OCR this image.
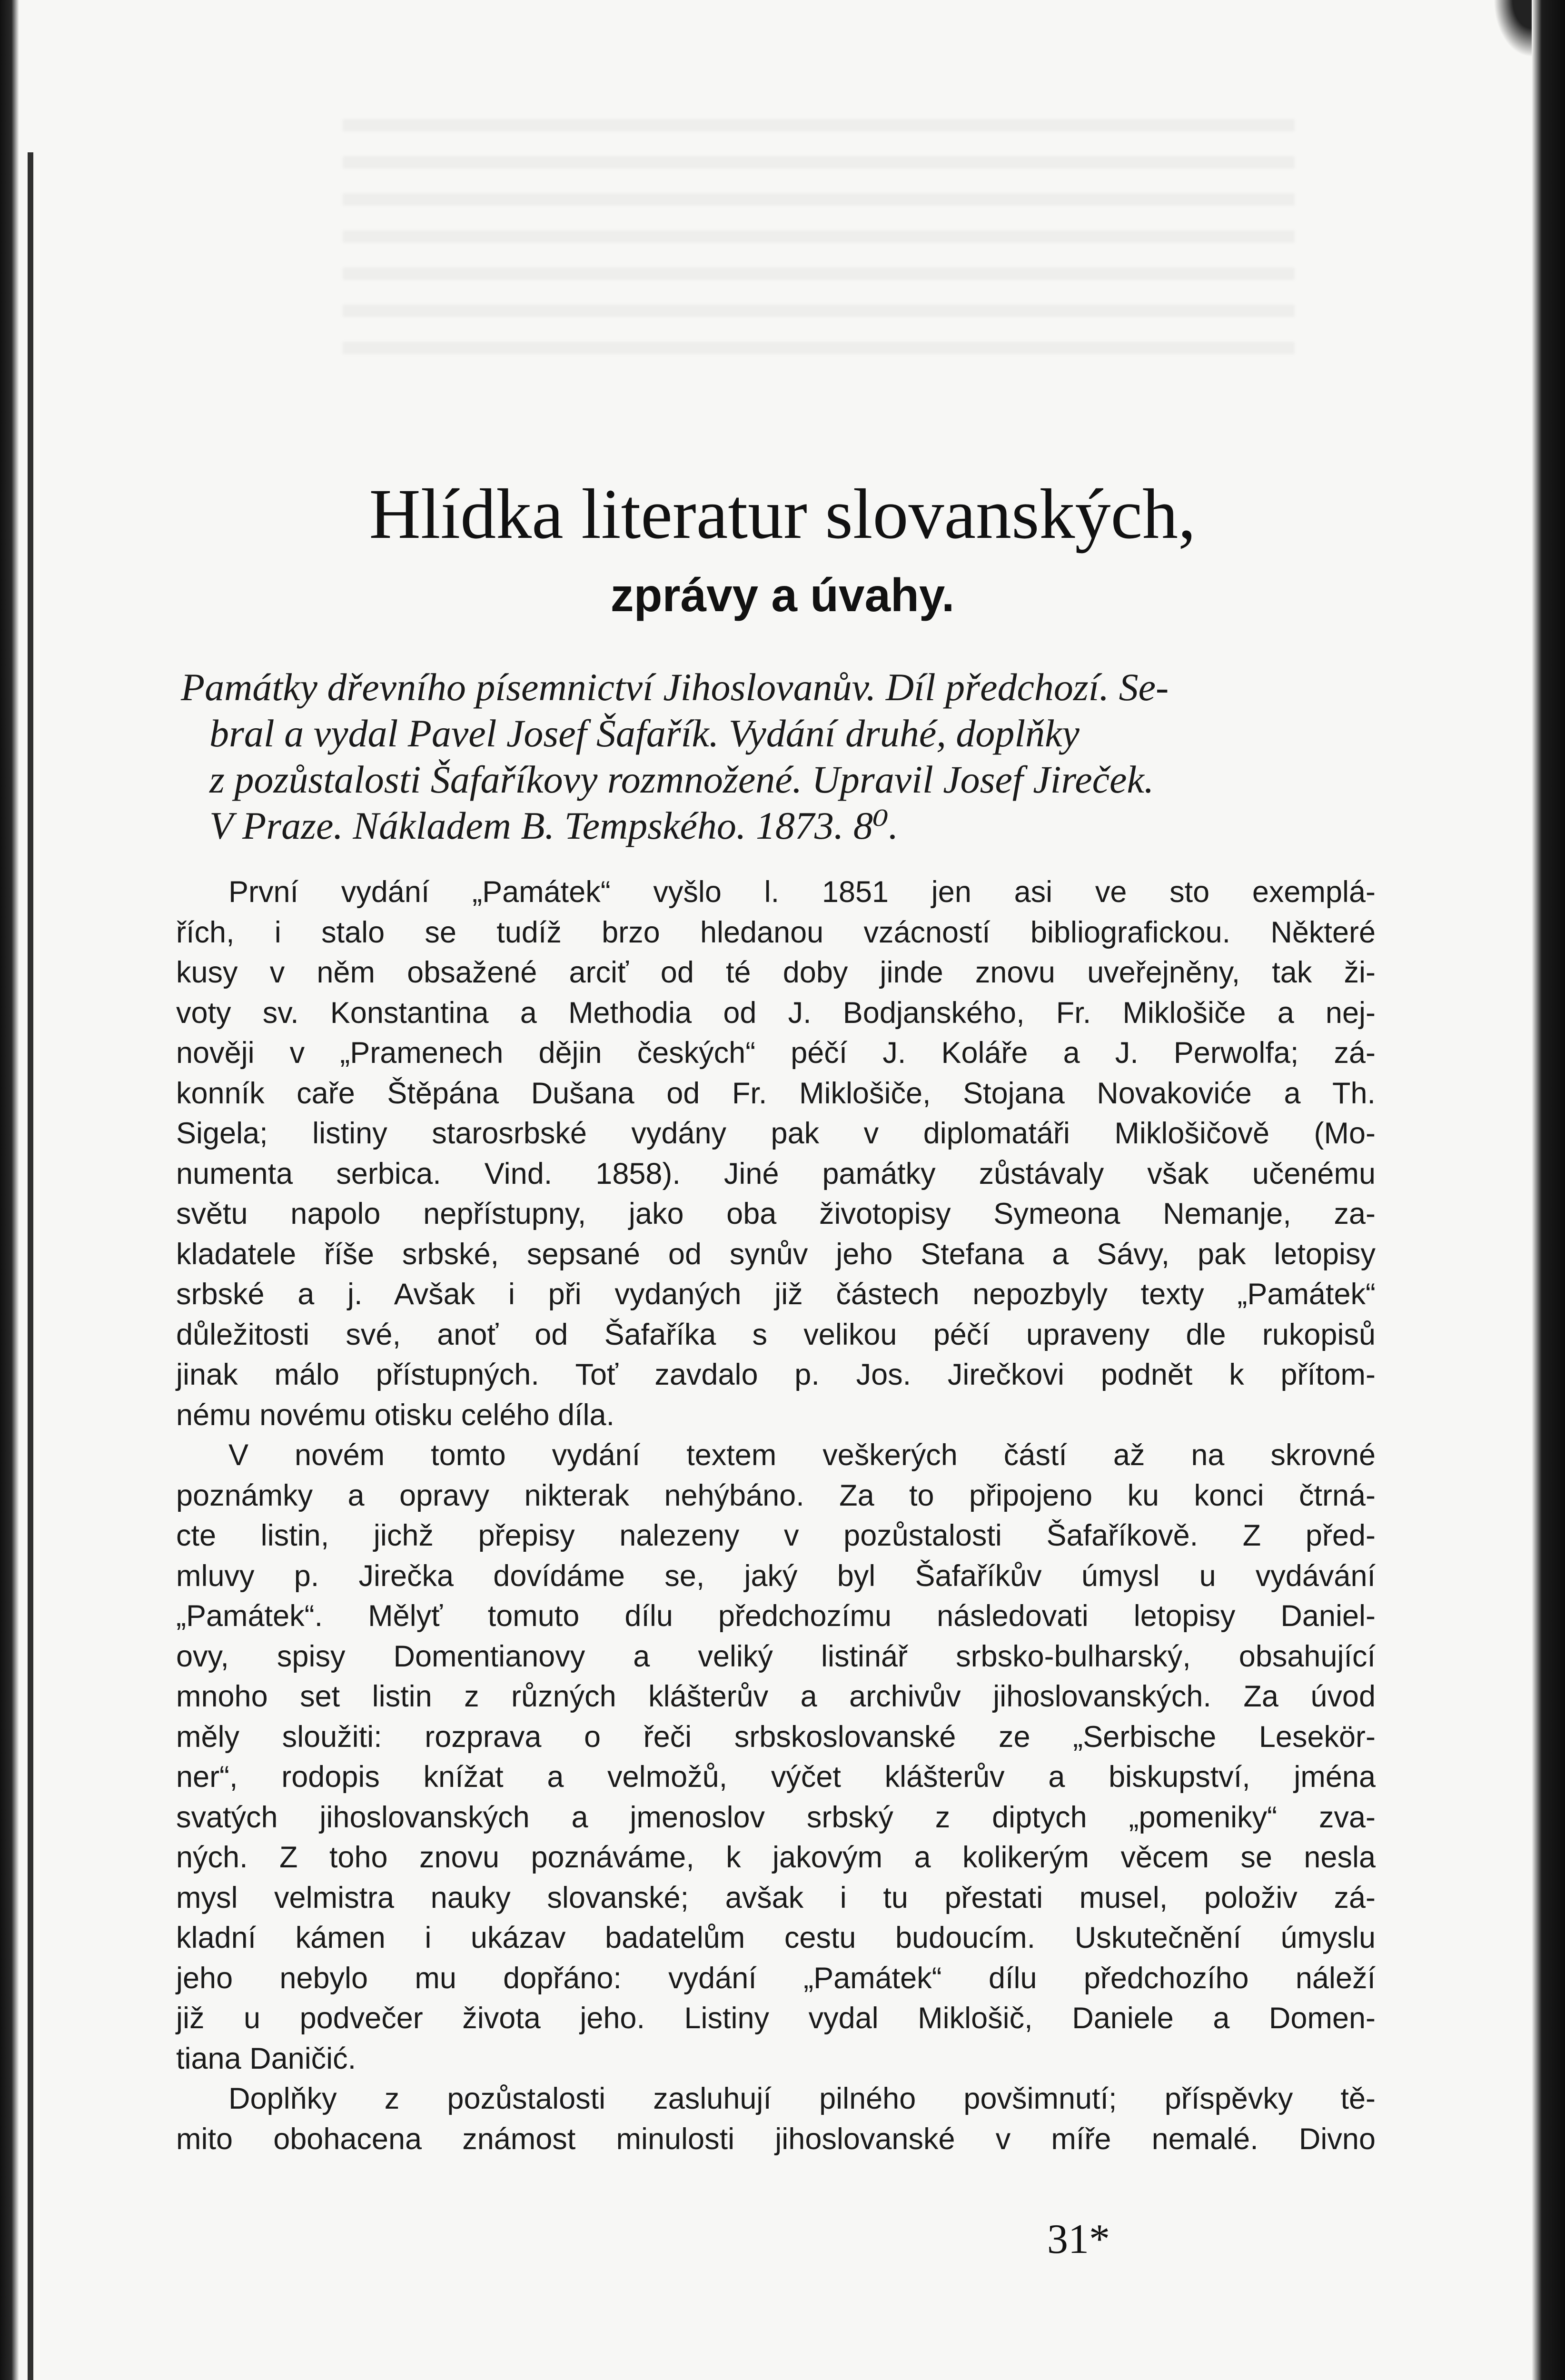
Hlídka literatur slovanských,
zprávy a úvahy.
Památky dřevního písemnictví Jihoslovanův. Díl předchozí. Se-
bral a vydal Pavel Josef Šafařík. Vydání druhé, doplňky
z pozůstalosti Šafaříkovy rozmnožené. Upravil Josef Jireček.
V Praze. Nákladem B. Tempského. 1873. 8⁰.
První vydání „Památek“ vyšlo l. 1851 jen asi ve sto exemplá-
řích, i stalo se tudíž brzo hledanou vzácností bibliografickou. Některé
kusy v něm obsažené arciť od té doby jinde znovu uveřejněny, tak ži-
voty sv. Konstantina a Methodia od J. Bodjanského, Fr. Miklošiče a nej-
nověji v „Pramenech dějin českých“ péčí J. Koláře a J. Perwolfa; zá-
konník caře Štěpána Dušana od Fr. Miklošiče, Stojana Novakoviće a Th.
Sigela; listiny starosrbské vydány pak v diplomatáři Miklošičově (Mo-
numenta serbica. Vind. 1858). Jiné památky zůstávaly však učenému
světu napolo nepřístupny, jako oba životopisy Symeona Nemanje, za-
kladatele říše srbské, sepsané od synův jeho Stefana a Sávy, pak letopisy
srbské a j. Avšak i při vydaných již částech nepozbyly texty „Památek“
důležitosti své, anoť od Šafaříka s velikou péčí upraveny dle rukopisů
jinak málo přístupných. Toť zavdalo p. Jos. Jirečkovi podnět k přítom-
nému novému otisku celého díla.
V novém tomto vydání textem veškerých částí až na skrovné
poznámky a opravy nikterak nehýbáno. Za to připojeno ku konci čtrná-
cte listin, jichž přepisy nalezeny v pozůstalosti Šafaříkově. Z před-
mluvy p. Jirečka dovídáme se, jaký byl Šafaříkův úmysl u vydávání
„Památek“. Mělyť tomuto dílu předchozímu následovati letopisy Daniel-
ovy, spisy Domentianovy a veliký listinář srbsko-bulharský, obsahující
mnoho set listin z různých klášterův a archivův jihoslovanských. Za úvod
měly sloužiti: rozprava o řeči srbskoslovanské ze „Serbische Lesekör-
ner“, rodopis knížat a velmožů, výčet klášterův a biskupství, jména
svatých jihoslovanských a jmenoslov srbský z diptych „pomeniky“ zva-
ných. Z toho znovu poznáváme, k jakovým a kolikerým věcem se nesla
mysl velmistra nauky slovanské; avšak i tu přestati musel, položiv zá-
kladní kámen i ukázav badatelům cestu budoucím. Uskutečnění úmyslu
jeho nebylo mu dopřáno: vydání „Památek“ dílu předchozího náleží
již u podvečer života jeho. Listiny vydal Miklošič, Daniele a Domen-
tiana Daničić.
Doplňky z pozůstalosti zasluhují pilného povšimnutí; příspěvky tě-
mito obohacena známost minulosti jihoslovanské v míře nemalé. Divno
31*
